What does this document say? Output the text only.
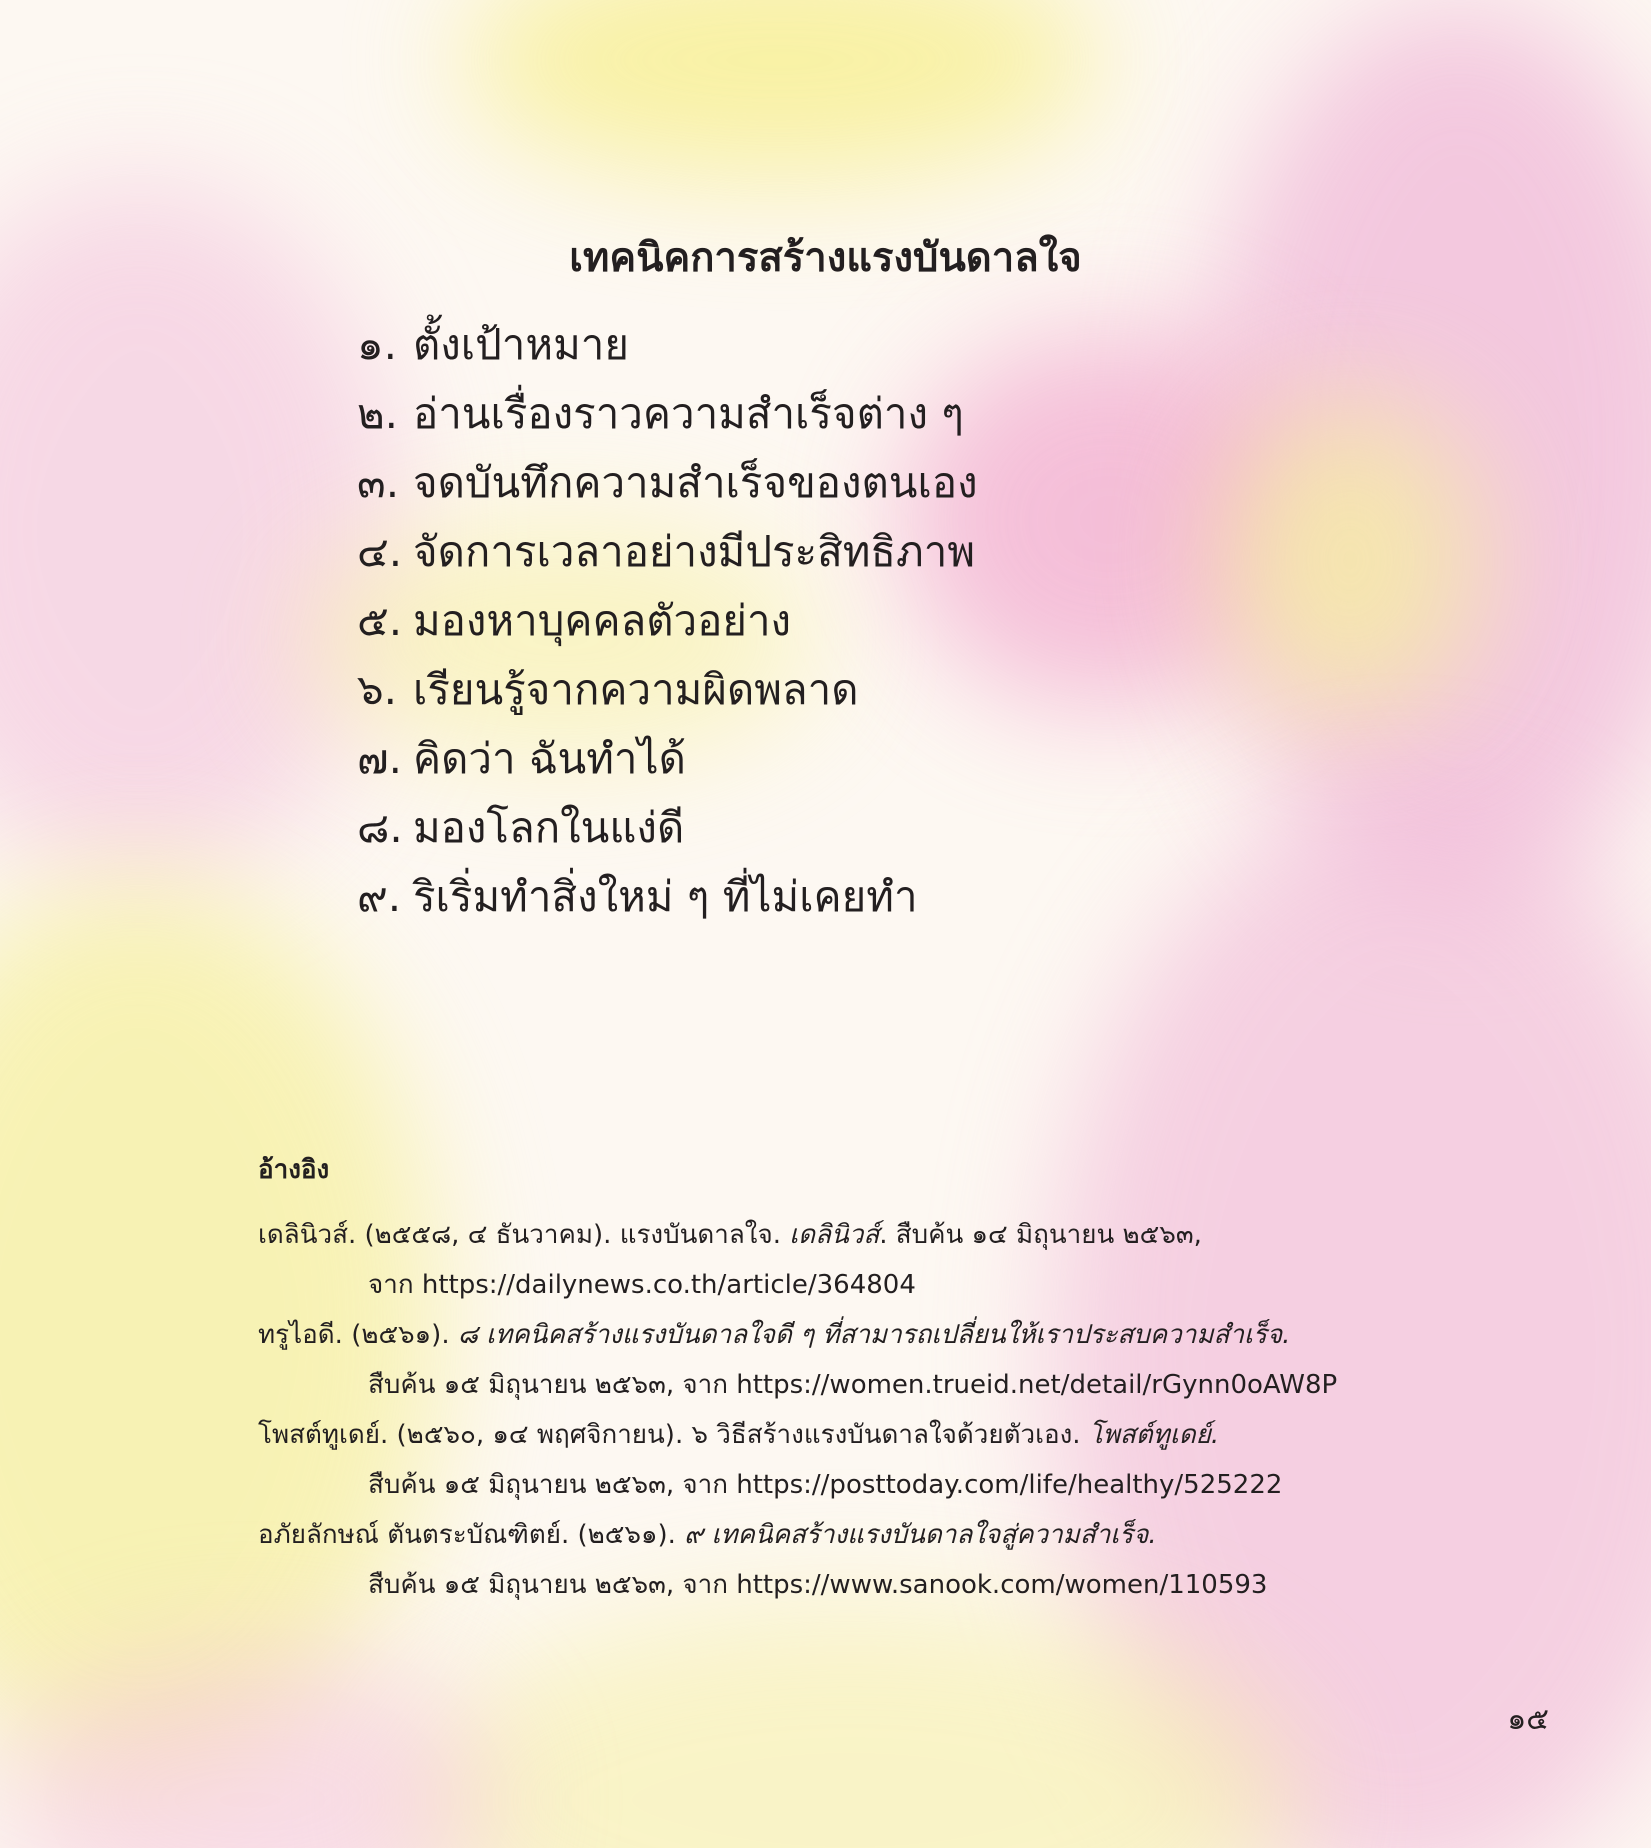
เทคนิคการสร้างแรงบันดาลใจ
๑. ตั้งเป้าหมาย
๒. อ่านเรื่องราวความสำเร็จต่าง ๆ
๓. จดบันทึกความสำเร็จของตนเอง
๔. จัดการเวลาอย่างมีประสิทธิภาพ
๕. มองหาบุคคลตัวอย่าง
๖. เรียนรู้จากความผิดพลาด
๗. คิดว่า ฉันทำได้
๘. มองโลกในแง่ดี
๙. ริเริ่มทำสิ่งใหม่ ๆ ที่ไม่เคยทำ
อ้างอิง
เดลินิวส์. (๒๕๕๘, ๔ ธันวาคม). แรงบันดาลใจ. เดลินิวส์. สืบค้น ๑๔ มิถุนายน ๒๕๖๓,
จาก https://dailynews.co.th/article/364804
ทรูไอดี. (๒๕๖๑). ๘ เทคนิคสร้างแรงบันดาลใจดี ๆ ที่สามารถเปลี่ยนให้เราประสบความสำเร็จ.
สืบค้น ๑๕ มิถุนายน ๒๕๖๓, จาก https://women.trueid.net/detail/rGynn0oAW8P
โพสต์ทูเดย์. (๒๕๖๐, ๑๔ พฤศจิกายน). ๖ วิธีสร้างแรงบันดาลใจด้วยตัวเอง. โพสต์ทูเดย์.
สืบค้น ๑๕ มิถุนายน ๒๕๖๓, จาก https://posttoday.com/life/healthy/525222
อภัยลักษณ์ ตันตระบัณฑิตย์. (๒๕๖๑). ๙ เทคนิคสร้างแรงบันดาลใจสู่ความสำเร็จ.
สืบค้น ๑๕ มิถุนายน ๒๕๖๓, จาก https://www.sanook.com/women/110593
๑๕
